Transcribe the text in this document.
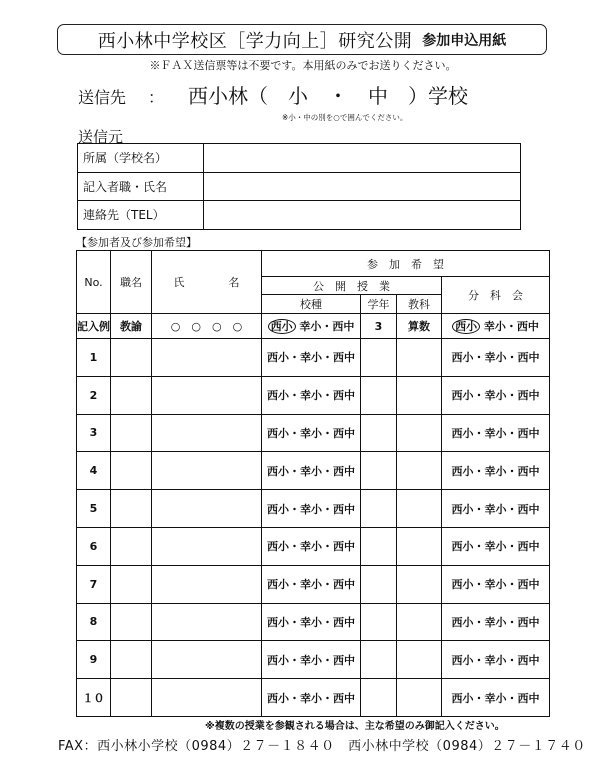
西小林中学校区［学力向上］研究公開 参加申込用紙
※ＦＡＸ送信票等は不要です。本用紙のみでお送りください。
送信先 ： 西小林（　小　・　中　）学校
※小・中の別を○で囲んでください。
送信元
所属（学校名）	
記入者職・氏名	
連絡先（TEL）	
【参加者及び参加希望】
No.	職名	氏　　　　名	参　加　希　望			
			公　開　授　業			分　科　会
			校種	学年	教科	
記入例	教諭	○　○　○　○	西小 幸小・西中	3	算数	西小 幸小・西中
1			西小・幸小・西中			西小・幸小・西中
2			西小・幸小・西中			西小・幸小・西中
3			西小・幸小・西中			西小・幸小・西中
4			西小・幸小・西中			西小・幸小・西中
5			西小・幸小・西中			西小・幸小・西中
6			西小・幸小・西中			西小・幸小・西中
7			西小・幸小・西中			西小・幸小・西中
8			西小・幸小・西中			西小・幸小・西中
9			西小・幸小・西中			西小・幸小・西中
１０			西小・幸小・西中			西小・幸小・西中
※複数の授業を参観される場合は、主な希望のみ御記入ください。
FAX：西小林小学校（0984）２７－１８４０　西小林中学校（0984）２７－１７４０
